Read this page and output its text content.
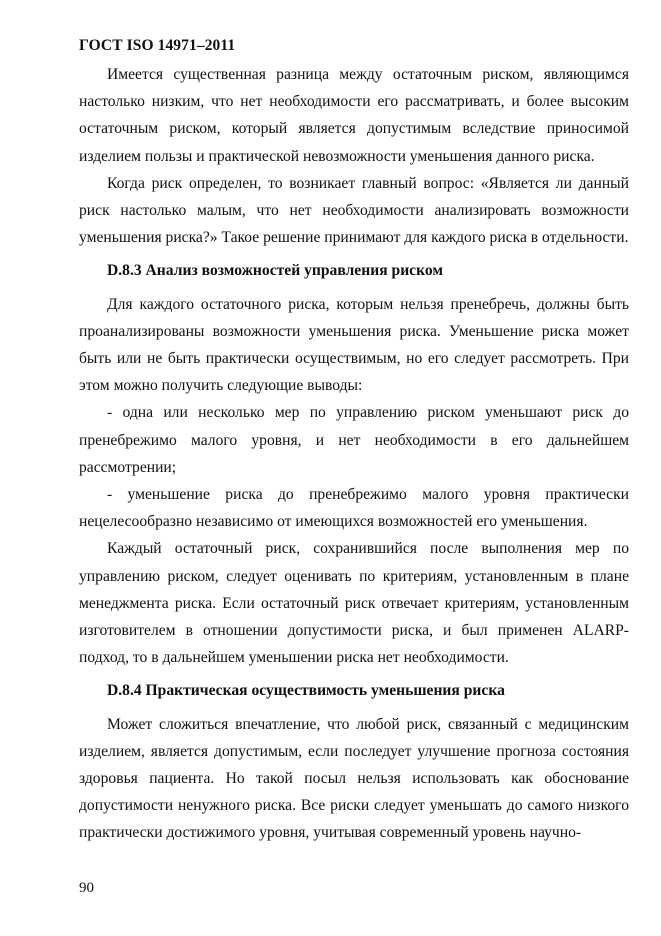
ГОСТ ISO 14971–2011

Имеется существенная разница между остаточным риском, являющимся настолько низким, что нет необходимости его рассматривать, и более высоким остаточным риском, который является допустимым вследствие приносимой изделием пользы и практической невозможности уменьшения данного риска.

Когда риск определен, то возникает главный вопрос: «Является ли данный риск настолько малым, что нет необходимости анализировать возможности уменьшения риска?» Такое решение принимают для каждого риска в отдельности.

D.8.3 Анализ возможностей управления риском

Для каждого остаточного риска, которым нельзя пренебречь, должны быть проанализированы возможности уменьшения риска. Уменьшение риска может быть или не быть практически осуществимым, но его следует рассмотреть. При этом можно получить следующие выводы:

- одна или несколько мер по управлению риском уменьшают риск до пренебрежимо малого уровня, и нет необходимости в его дальнейшем рассмотрении;

- уменьшение риска до пренебрежимо малого уровня практически нецелесообразно независимо от имеющихся возможностей его уменьшения.

Каждый остаточный риск, сохранившийся после выполнения мер по управлению риском, следует оценивать по критериям, установленным в плане менеджмента риска. Если остаточный риск отвечает критериям, установленным изготовителем в отношении допустимости риска, и был применен ALARP-подход, то в дальнейшем уменьшении риска нет необходимости.

D.8.4 Практическая осуществимость уменьшения риска

Может сложиться впечатление, что любой риск, связанный с медицинским изделием, является допустимым, если последует улучшение прогноза состояния здоровья пациента. Но такой посыл нельзя использовать как обоснование допустимости ненужного риска. Все риски следует уменьшать до самого низкого практически достижимого уровня, учитывая современный уровень научно-

90
